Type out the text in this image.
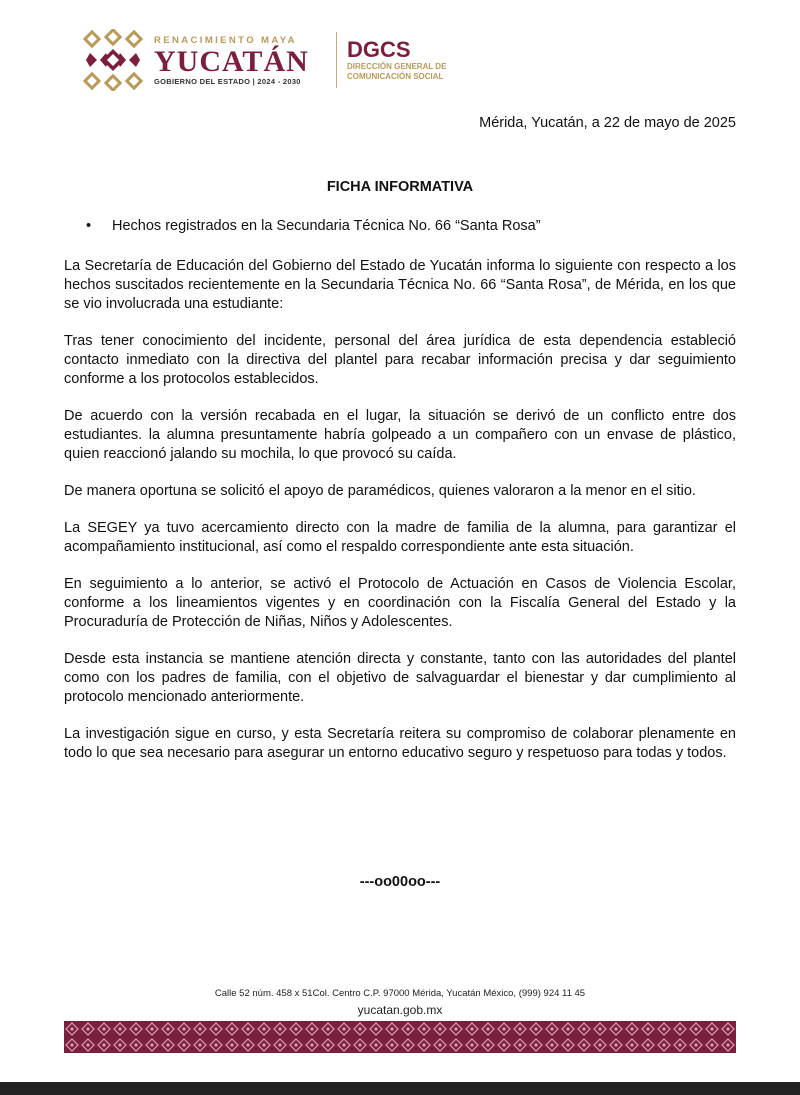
RENACIMIENTO MAYA
YUCATÁN
GOBIERNO DEL ESTADO | 2024 - 2030
DGCS
DIRECCIÓN GENERAL DE
COMUNICACIÓN SOCIAL
Mérida, Yucatán, a 22 de mayo de 2025
FICHA INFORMATIVA
•	Hechos registrados en la Secundaria Técnica No. 66 “Santa Rosa”

La Secretaría de Educación del Gobierno del Estado de Yucatán informa lo siguiente con respecto a los hechos suscitados recientemente en la Secundaria Técnica No. 66 “Santa Rosa”, de Mérida, en los que se vio involucrada una estudiante:

Tras tener conocimiento del incidente, personal del área jurídica de esta dependencia estableció contacto inmediato con la directiva del plantel para recabar información precisa y dar seguimiento conforme a los protocolos establecidos.

De acuerdo con la versión recabada en el lugar, la situación se derivó de un conflicto entre dos estudiantes. la alumna presuntamente habría golpeado a un compañero con un envase de plástico, quien reaccionó jalando su mochila, lo que provocó su caída.

De manera oportuna se solicitó el apoyo de paramédicos, quienes valoraron a la menor en el sitio.

La SEGEY ya tuvo acercamiento directo con la madre de familia de la alumna, para garantizar el acompañamiento institucional, así como el respaldo correspondiente ante esta situación.

En seguimiento a lo anterior, se activó el Protocolo de Actuación en Casos de Violencia Escolar, conforme a los lineamientos vigentes y en coordinación con la Fiscalía General del Estado y la Procuraduría de Protección de Niñas, Niños y Adolescentes.

Desde esta instancia se mantiene atención directa y constante, tanto con las autoridades del plantel como con los padres de familia, con el objetivo de salvaguardar el bienestar y dar cumplimiento al protocolo mencionado anteriormente.

La investigación sigue en curso, y esta Secretaría reitera su compromiso de colaborar plenamente en todo lo que sea necesario para asegurar un entorno educativo seguro y respetuoso para todas y todos.

---oo00oo---
Calle 52 núm. 458 x 51Col. Centro C.P. 97000 Mérida, Yucatán México, (999) 924 11 45
yucatan.gob.mx
